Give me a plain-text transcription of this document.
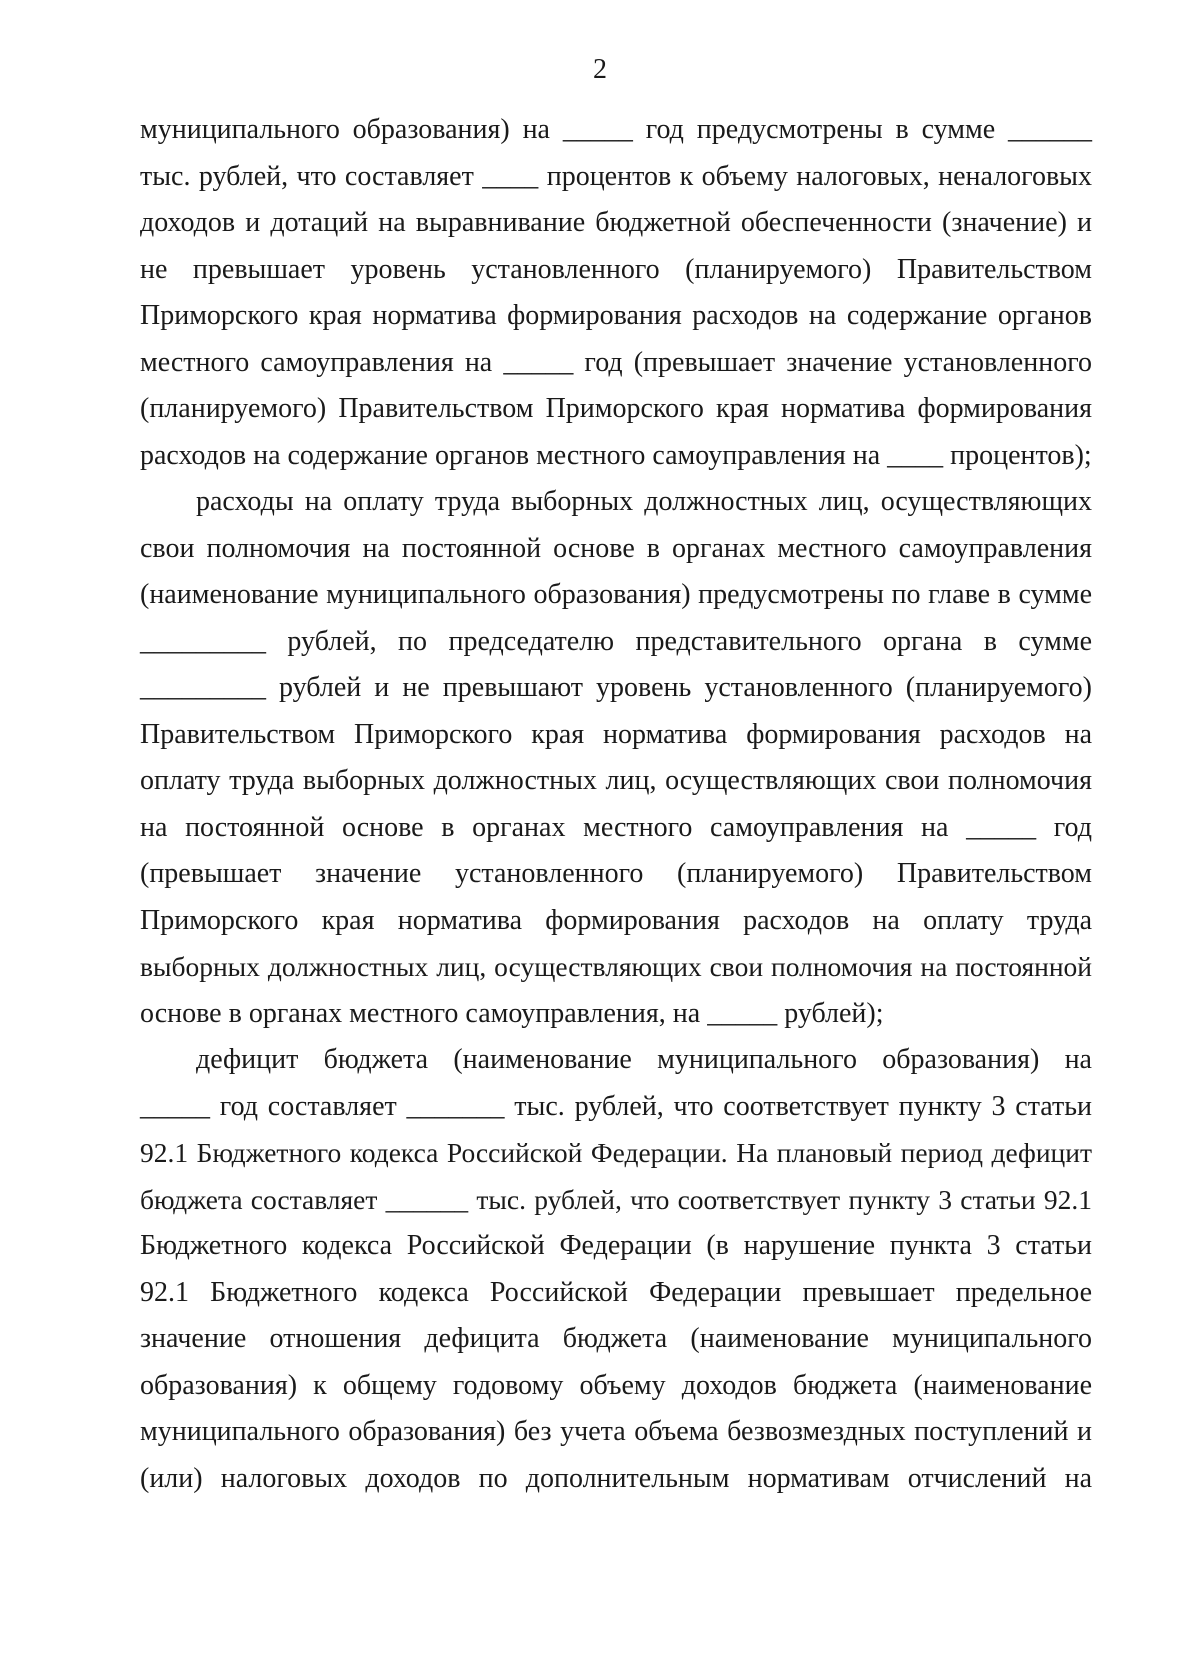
2
муниципального образования) на _____ год предусмотрены в сумме ______
тыс. рублей, что составляет ____ процентов к объему налоговых, неналоговых
доходов и дотаций на выравнивание бюджетной обеспеченности (значение) и
не превышает уровень установленного (планируемого) Правительством
Приморского края норматива формирования расходов на содержание органов
местного самоуправления на _____ год (превышает значение установленного
(планируемого) Правительством Приморского края норматива формирования
расходов на содержание органов местного самоуправления на ____ процентов);
расходы на оплату труда выборных должностных лиц, осуществляющих
свои полномочия на постоянной основе в органах местного самоуправления
(наименование муниципального образования) предусмотрены по главе в сумме
_________ рублей, по председателю представительного органа в сумме
_________ рублей и не превышают уровень установленного (планируемого)
Правительством Приморского края норматива формирования расходов на
оплату труда выборных должностных лиц, осуществляющих свои полномочия
на постоянной основе в органах местного самоуправления на _____ год
(превышает значение установленного (планируемого) Правительством
Приморского края норматива формирования расходов на оплату труда
выборных должностных лиц, осуществляющих свои полномочия на постоянной
основе в органах местного самоуправления, на _____ рублей);
дефицит бюджета (наименование муниципального образования) на
_____ год составляет _______ тыс. рублей, что соответствует пункту 3 статьи
92.1 Бюджетного кодекса Российской Федерации. На плановый период дефицит
бюджета составляет ______ тыс. рублей, что соответствует пункту 3 статьи 92.1
Бюджетного кодекса Российской Федерации (в нарушение пункта 3 статьи
92.1 Бюджетного кодекса Российской Федерации превышает предельное
значение отношения дефицита бюджета (наименование муниципального
образования) к общему годовому объему доходов бюджета (наименование
муниципального образования) без учета объема безвозмездных поступлений и
(или) налоговых доходов по дополнительным нормативам отчислений на
